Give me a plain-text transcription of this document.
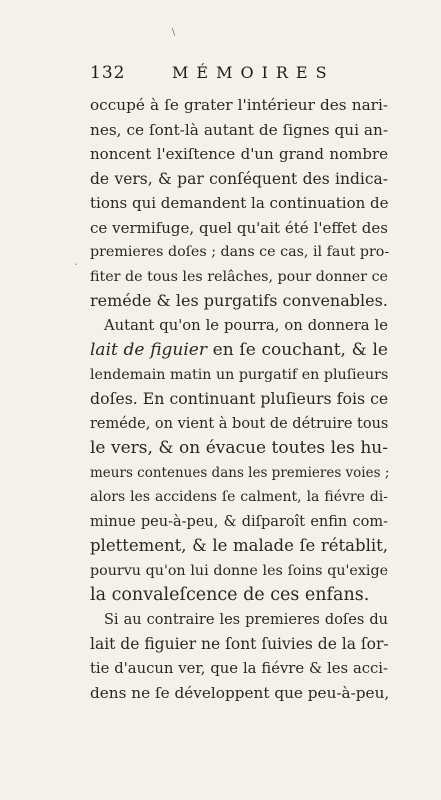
\
·
132	MÉMOIRES
occupé à ſe grater l'intérieur des nari-
nes, ce ſont-là autant de ſignes qui an-
noncent l'exiſtence d'un grand nombre
de vers, & par conſéquent des indica-
tions qui demandent la continuation de
ce vermifuge, quel qu'ait été l'effet des
premieres doſes ; dans ce cas, il faut pro-
fiter de tous les relâches, pour donner ce
reméde & les purgatifs convenables.
Autant qu'on le pourra, on donnera le
lait de figuier en ſe couchant, & le
lendemain matin un purgatif en pluſieurs
doſes. En continuant pluſieurs fois ce
reméde, on vient à bout de détruire tous
le vers, & on évacue toutes les hu-
meurs contenues dans les premieres voies ;
alors les accidens ſe calment, la fiévre di-
minue peu-à-peu, & diſparoît enfin com-
plettement, & le malade ſe rétablit,
pourvu qu'on lui donne les ſoins qu'exige
la convaleſcence de ces enfans.
Si au contraire les premieres doſes du
lait de figuier ne ſont ſuivies de la ſor-
tie d'aucun ver, que la fiévre & les acci-
dens ne ſe développent que peu-à-peu,
